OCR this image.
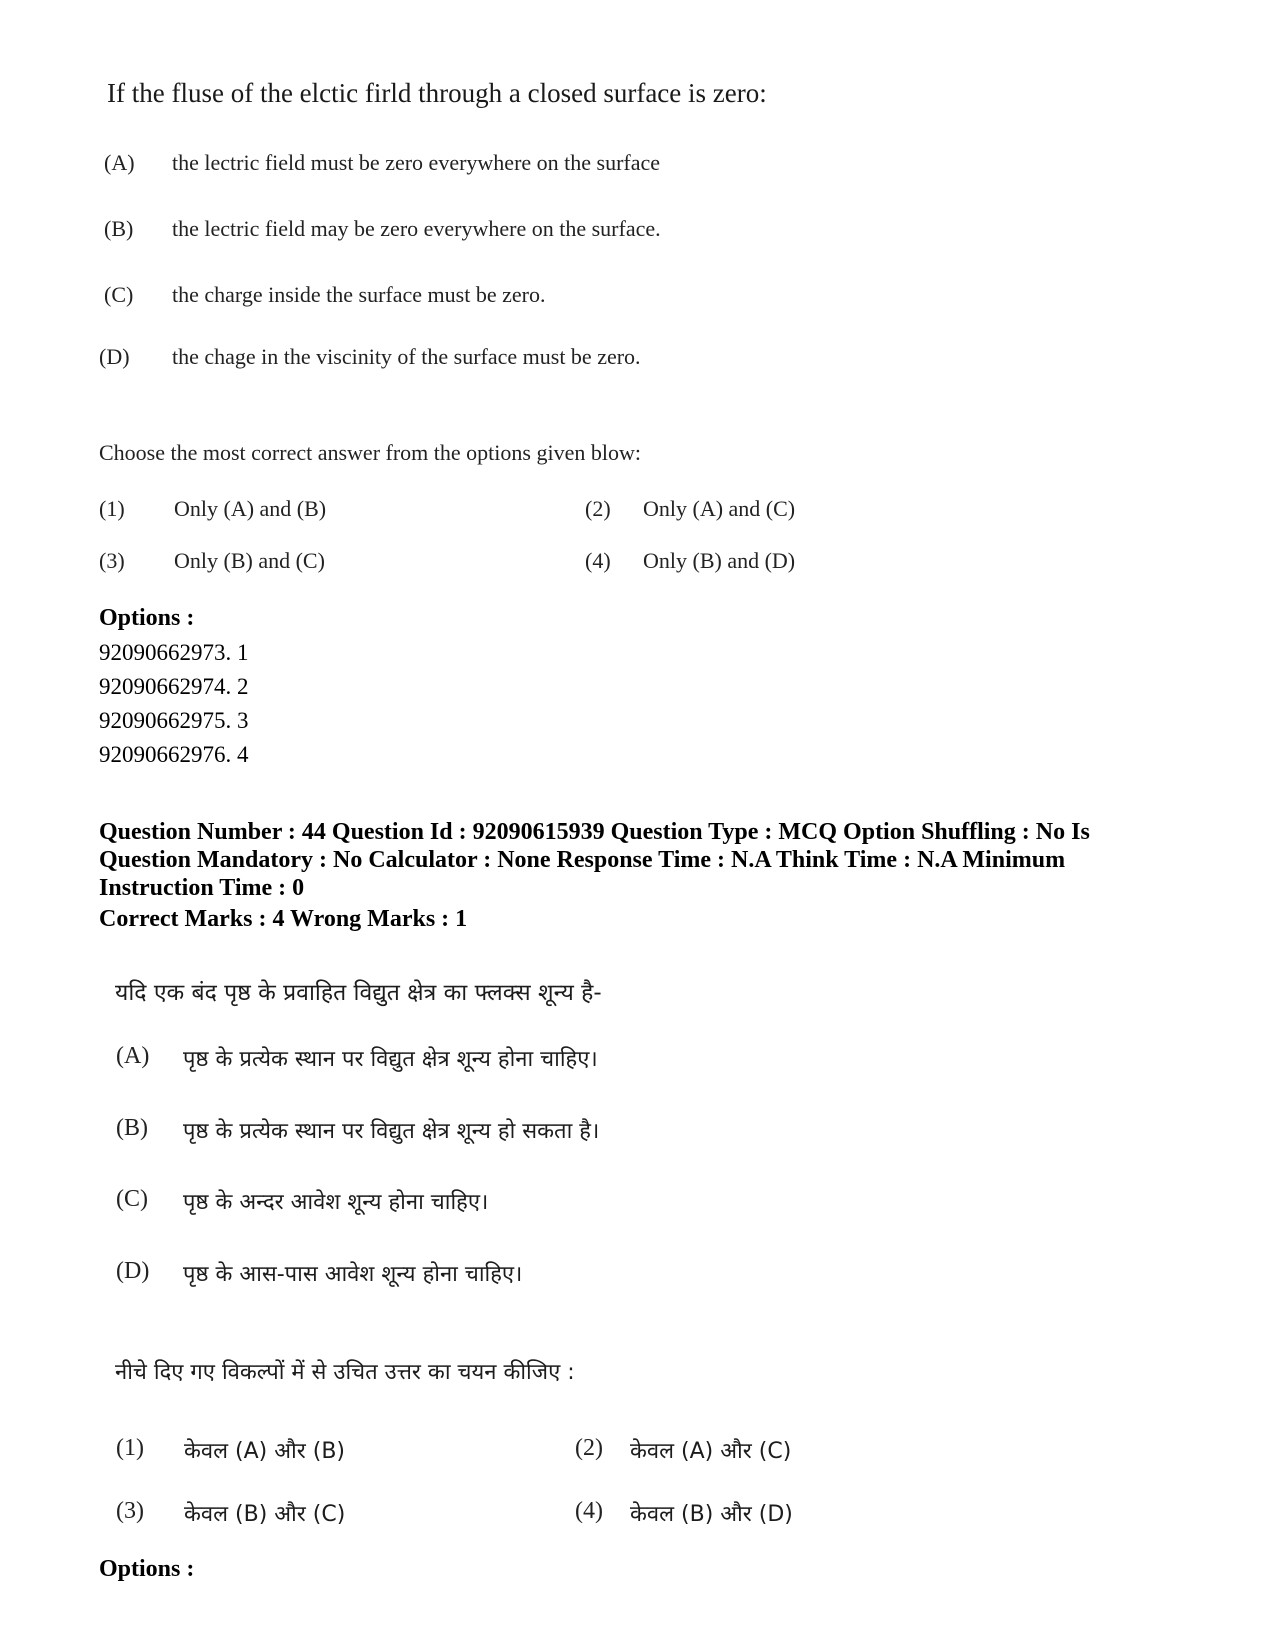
If the fluse of the elctic firld through a closed surface is zero:
(A) the lectric field must be zero everywhere on the surface
(B) the lectric field may be zero everywhere on the surface.
(C) the charge inside the surface must be zero.
(D) the chage in the viscinity of the surface must be zero.
Choose the most correct answer from the options given blow:
(1) Only (A) and (B)	(2) Only (A) and (C)
(3) Only (B) and (C)	(4) Only (B) and (D)
Options :
92090662973. 1
92090662974. 2
92090662975. 3
92090662976. 4
Question Number : 44 Question Id : 92090615939 Question Type : MCQ Option Shuffling : No Is Question Mandatory : No Calculator : None Response Time : N.A Think Time : N.A Minimum Instruction Time : 0
Correct Marks : 4 Wrong Marks : 1
यदि एक बंद पृष्ठ के प्रवाहित विद्युत क्षेत्र का फ्लक्स शून्य है-
(A) पृष्ठ के प्रत्येक स्थान पर विद्युत क्षेत्र शून्य होना चाहिए।
(B) पृष्ठ के प्रत्येक स्थान पर विद्युत क्षेत्र शून्य हो सकता है।
(C) पृष्ठ के अन्दर आवेश शून्य होना चाहिए।
(D) पृष्ठ के आस-पास आवेश शून्य होना चाहिए।
नीचे दिए गए विकल्पों में से उचित उत्तर का चयन कीजिए :
(1) केवल (A) और (B)	(2) केवल (A) और (C)
(3) केवल (B) और (C)	(4) केवल (B) और (D)
Options :
